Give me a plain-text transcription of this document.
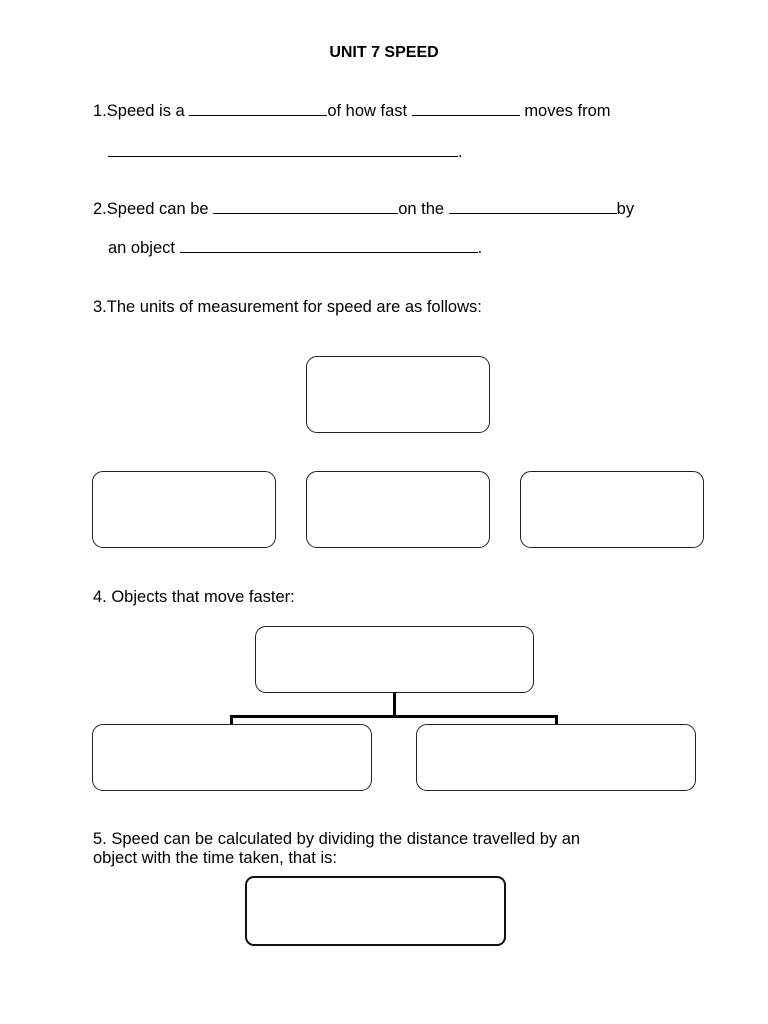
UNIT 7 SPEED
1.Speed is a	of how fast	moves from
.
2.Speed can be	on the	by
an object	.
3.The units of measurement for speed are as follows:
4. Objects that move faster:
5. Speed can be calculated by dividing the distance travelled by an
object with the time taken, that is:
